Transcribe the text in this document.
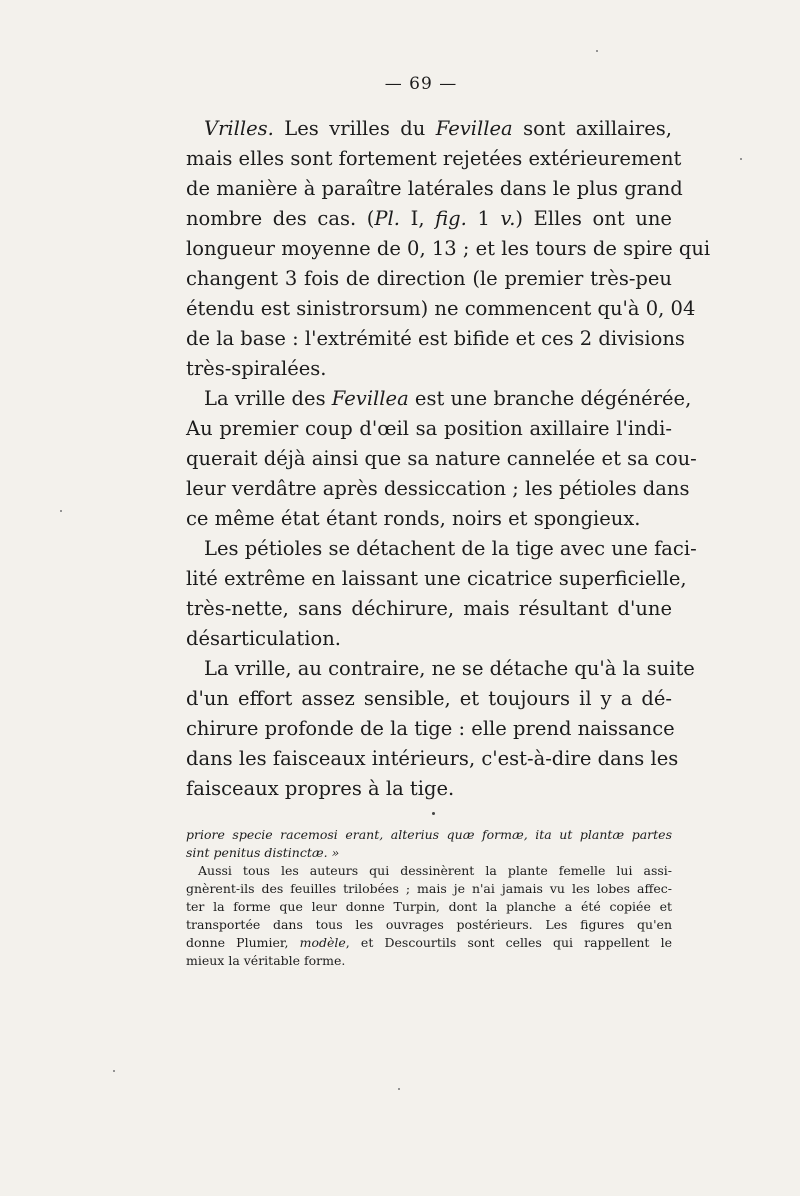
— 69 —
Vrilles. Les vrilles du Fevillea sont axillaires,
mais elles sont fortement rejetées extérieurement
de manière à paraître latérales dans le plus grand
nombre des cas. (Pl. I, fig. 1 v.) Elles ont une
longueur moyenne de 0, 13 ; et les tours de spire qui
changent 3 fois de direction (le premier très-peu
étendu est sinistrorsum) ne commencent qu'à 0, 04
de la base : l'extrémité est bifide et ces 2 divisions
très-spiralées.
La vrille des Fevillea est une branche dégénérée,
Au premier coup d'œil sa position axillaire l'indi-
querait déjà ainsi que sa nature cannelée et sa cou-
leur verdâtre après dessiccation ; les pétioles dans
ce même état étant ronds, noirs et spongieux.
Les pétioles se détachent de la tige avec une faci-
lité extrême en laissant une cicatrice superficielle,
très-nette, sans déchirure, mais résultant d'une
désarticulation.
La vrille, au contraire, ne se détache qu'à la suite
d'un effort assez sensible, et toujours il y a dé-
chirure profonde de la tige : elle prend naissance
dans les faisceaux intérieurs, c'est-à-dire dans les
faisceaux propres à la tige.
priore specie racemosi erant, alterius quæ formæ, ita ut plantæ partes
sint penitus distinctæ. »
Aussi tous les auteurs qui dessinèrent la plante femelle lui assi-
gnèrent-ils des feuilles trilobées ; mais je n'ai jamais vu les lobes affec-
ter la forme que leur donne Turpin, dont la planche a été copiée et
transportée dans tous les ouvrages postérieurs. Les figures qu'en
donne Plumier, modèle, et Descourtils sont celles qui rappellent le
mieux la véritable forme.
